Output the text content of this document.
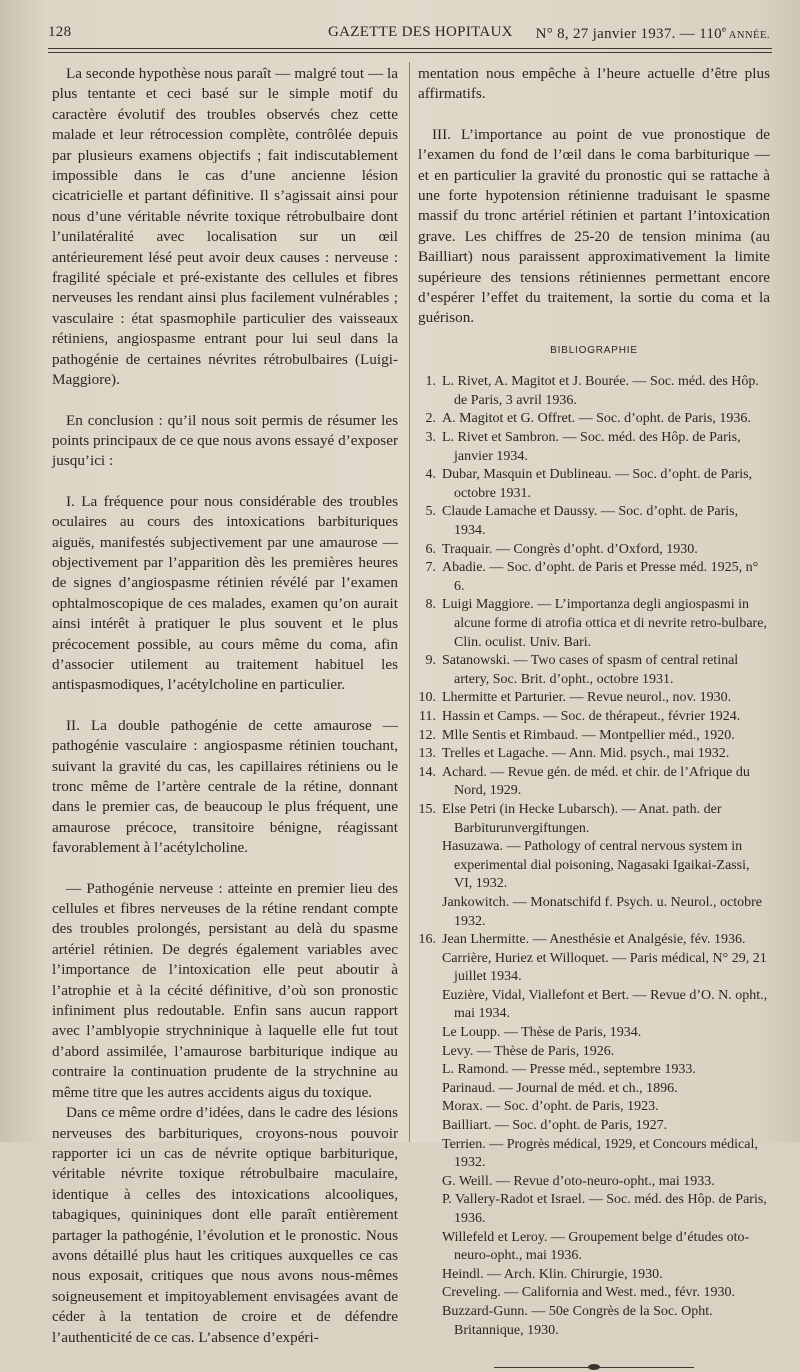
128	GAZETTE DES HOPITAUX N° 8, 27 janvier 1937. — 110e ANNÉE.

La seconde hypothèse nous paraît — malgré tout — la plus tentante et ceci basé sur le simple motif du caractère évolutif des troubles observés chez cette malade et leur rétrocession complète, contrôlée depuis par plusieurs examens objectifs ; fait indiscutablement impossible dans le cas d’une ancienne lésion cicatricielle et partant définitive. Il s’agissait ainsi pour nous d’une véritable névrite toxique rétrobulbaire dont l’unilatéralité avec localisation sur un œil antérieurement lésé peut avoir deux causes : nerveuse : fragilité spéciale et pré-existante des cellules et fibres nerveuses les rendant ainsi plus facilement vulnérables ; vasculaire : état spasmophile particulier des vaisseaux rétiniens, angiospasme entrant pour lui seul dans la pathogénie de certaines névrites rétrobulbaires (Luigi-Maggiore).

En conclusion : qu’il nous soit permis de résumer les points principaux de ce que nous avons essayé d’exposer jusqu’ici :

I. La fréquence pour nous considérable des troubles oculaires au cours des intoxications barbituriques aiguës, manifestés subjectivement par une amaurose — objectivement par l’apparition dès les premières heures de signes d’angiospasme rétinien révélé par l’examen ophtalmoscopique de ces malades, examen qu’on aurait ainsi intérêt à pratiquer le plus souvent et le plus précocement possible, au cours même du coma, afin d’associer utilement au traitement habituel les antispasmodiques, l’acétylcholine en particulier.

II. La double pathogénie de cette amaurose — pathogénie vasculaire : angiospasme rétinien touchant, suivant la gravité du cas, les capillaires rétiniens ou le tronc même de l’artère centrale de la rétine, donnant dans le premier cas, de beaucoup le plus fréquent, une amaurose précoce, transitoire bénigne, réagissant favorablement à l’acétylcholine.

— Pathogénie nerveuse : atteinte en premier lieu des cellules et fibres nerveuses de la rétine rendant compte des troubles prolongés, persistant au delà du spasme artériel rétinien. De degrés également variables avec l’importance de l’intoxication elle peut aboutir à l’atrophie et à la cécité définitive, d’où son pronostic infiniment plus redoutable. Enfin sans aucun rapport avec l’amblyopie strychninique à laquelle elle fut tout d’abord assimilée, l’amaurose barbiturique indique au contraire la continuation prudente de la strychnine au même titre que les autres accidents aigus du toxique.

Dans ce même ordre d’idées, dans le cadre des lésions nerveuses des barbituriques, croyons-nous pouvoir rapporter ici un cas de névrite optique barbiturique, véritable névrite toxique rétrobulbaire maculaire, identique à celles des intoxications alcooliques, tabagiques, quininiques dont elle paraît entièrement partager la pathogénie, l’évolution et le pronostic. Nous avons détaillé plus haut les critiques auxquelles ce cas nous exposait, critiques que nous avons nous-mêmes soigneusement et impitoyablement envisagées avant de céder à la tentation de croire et de défendre l’authenticité de ce cas. L’absence d’expéri-

mentation nous empêche à l’heure actuelle d’être plus affirmatifs.

III. L’importance au point de vue pronostique de l’examen du fond de l’œil dans le coma barbiturique — et en particulier la gravité du pronostic qui se rattache à une forte hypotension rétinienne traduisant le spasme massif du tronc artériel rétinien et partant l’intoxication grave. Les chiffres de 25-20 de tension minima (au Bailliart) nous paraissent approximativement la limite supérieure des tensions rétiniennes permettant encore d’espérer l’effet du traitement, la sortie du coma et la guérison.

BIBLIOGRAPHIE
1. L. Rivet, A. Magitot et J. Bourée. — Soc. méd. des Hôp. de Paris, 3 avril 1936.
2. A. Magitot et G. Offret. — Soc. d’opht. de Paris, 1936.
3. L. Rivet et Sambron. — Soc. méd. des Hôp. de Paris, janvier 1934.
4. Dubar, Masquin et Dublineau. — Soc. d’opht. de Paris, octobre 1931.
5. Claude Lamache et Daussy. — Soc. d’opht. de Paris, 1934.
6. Traquair. — Congrès d’opht. d’Oxford, 1930.
7. Abadie. — Soc. d’opht. de Paris et Presse méd. 1925, n° 6.
8. Luigi Maggiore. — L’importanza degli angiospasmi in alcune forme di atrofia ottica et di nevrite retro-bulbare, Clin. oculist. Univ. Bari.
9. Satanowski. — Two cases of spasm of central retinal artery, Soc. Brit. d’opht., octobre 1931.
10. Lhermitte et Parturier. — Revue neurol., nov. 1930.
11. Hassin et Camps. — Soc. de thérapeut., février 1924.
12. Mlle Sentis et Rimbaud. — Montpellier méd., 1920.
13. Trelles et Lagache. — Ann. Mid. psych., mai 1932.
14. Achard. — Revue gén. de méd. et chir. de l’Afrique du Nord, 1929.
15. Else Petri (in Hecke Lubarsch). — Anat. path. der Barbiturunvergiftungen.
Hasuzawa. — Pathology of central nervous system in experimental dial poisoning, Nagasaki Igaikai-Zassi, VI, 1932.
Jankowitch. — Monatschifd f. Psych. u. Neurol., octobre 1932.
16. Jean Lhermitte. — Anesthésie et Analgésie, fév. 1936.
Carrière, Huriez et Willoquet. — Paris médical, N° 29, 21 juillet 1934.
Euzière, Vidal, Viallefont et Bert. — Revue d’O. N. opht., mai 1934.
Le Loupp. — Thèse de Paris, 1934.
Levy. — Thèse de Paris, 1926.
L. Ramond. — Presse méd., septembre 1933.
Parinaud. — Journal de méd. et ch., 1896.
Morax. — Soc. d’opht. de Paris, 1923.
Bailliart. — Soc. d’opht. de Paris, 1927.
Terrien. — Progrès médical, 1929, et Concours médical, 1932.
G. Weill. — Revue d’oto-neuro-opht., mai 1933.
P. Vallery-Radot et Israel. — Soc. méd. des Hôp. de Paris, 1936.
Willefeld et Leroy. — Groupement belge d’études oto-neuro-opht., mai 1936.
Heindl. — Arch. Klin. Chirurgie, 1930.
Creveling. — California and West. med., févr. 1930.
Buzzard-Gunn. — 50e Congrès de la Soc. Opht. Britannique, 1930.
